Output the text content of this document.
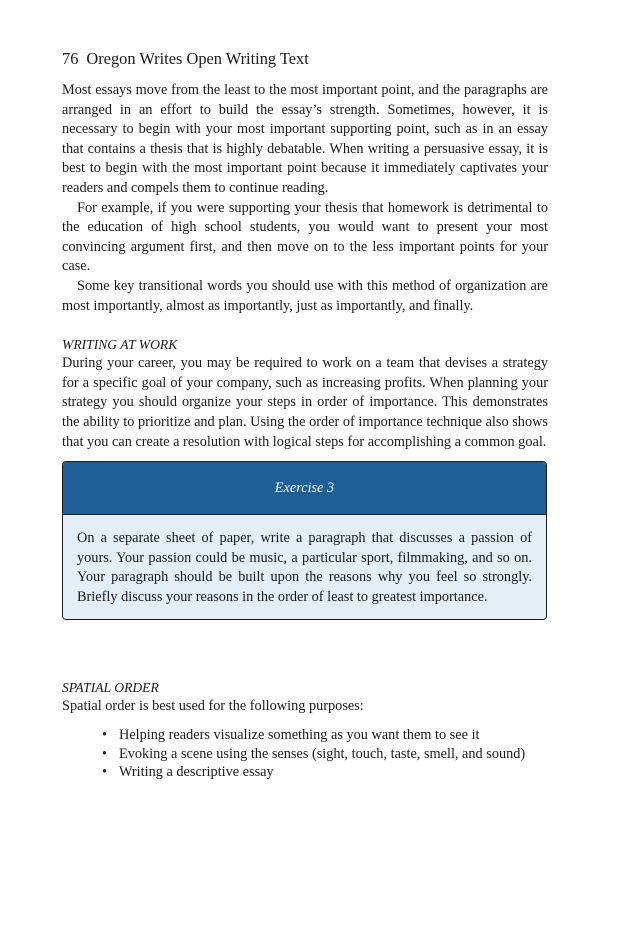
76 Oregon Writes Open Writing Text

Most essays move from the least to the most important point, and the paragraphs are arranged in an effort to build the essay’s strength. Sometimes, however, it is necessary to begin with your most important supporting point, such as in an essay that contains a thesis that is highly debatable. When writing a persuasive essay, it is best to begin with the most important point because it immediately captivates your readers and compels them to continue reading.

For example, if you were supporting your thesis that homework is detrimental to the education of high school students, you would want to present your most convincing argument first, and then move on to the less important points for your case.

Some key transitional words you should use with this method of organization are most importantly, almost as importantly, just as importantly, and finally.

WRITING AT WORK

During your career, you may be required to work on a team that devises a strategy for a specific goal of your company, such as increasing profits. When planning your strategy you should organize your steps in order of importance. This demonstrates the ability to prioritize and plan. Using the order of importance technique also shows that you can create a resolution with logical steps for accomplishing a common goal.

Exercise 3

On a separate sheet of paper, write a paragraph that discusses a passion of yours. Your passion could be music, a particular sport, filmmaking, and so on. Your paragraph should be built upon the reasons why you feel so strongly. Briefly discuss your reasons in the order of least to greatest importance.

SPATIAL ORDER

Spatial order is best used for the following purposes:

• Helping readers visualize something as you want them to see it
• Evoking a scene using the senses (sight, touch, taste, smell, and sound)
• Writing a descriptive essay
